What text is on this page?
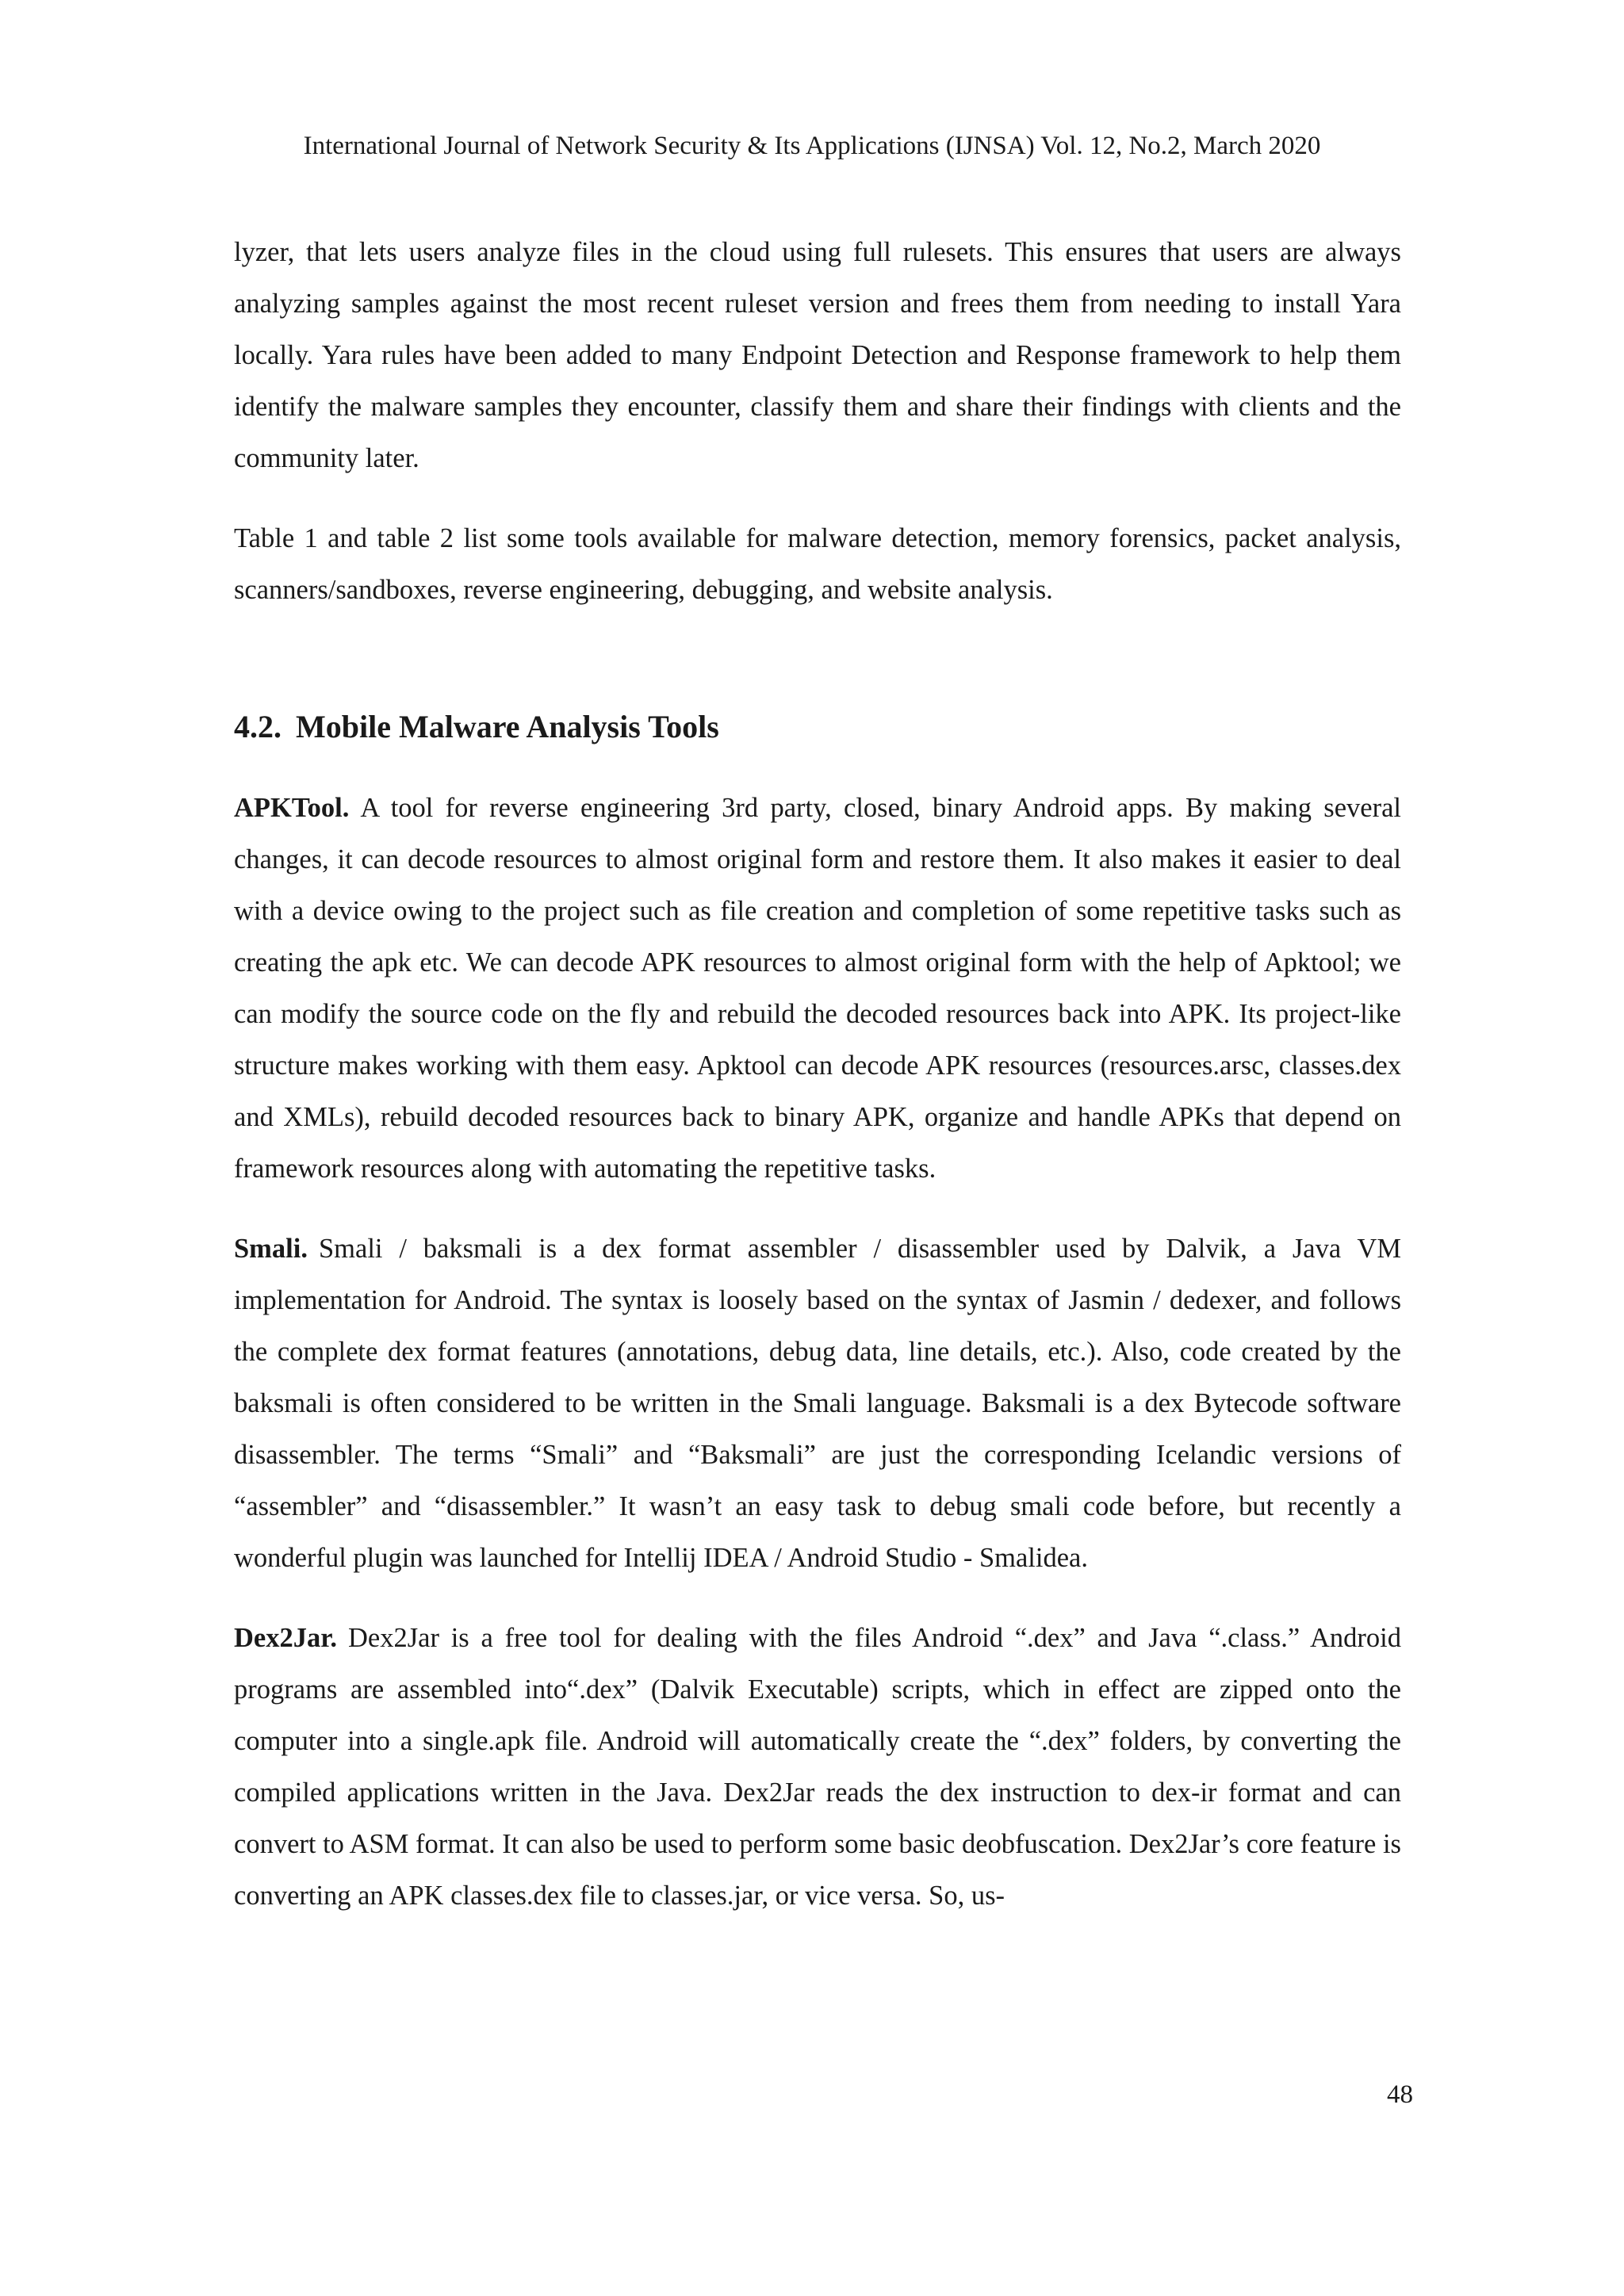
International Journal of Network Security & Its Applications (IJNSA) Vol. 12, No.2, March 2020

lyzer, that lets users analyze files in the cloud using full rulesets. This ensures that users are always analyzing samples against the most recent ruleset version and frees them from needing to install Yara locally. Yara rules have been added to many Endpoint Detection and Response framework to help them identify the malware samples they encounter, classify them and share their findings with clients and the community later.

Table 1 and table 2 list some tools available for malware detection, memory forensics, packet analysis, scanners/sandboxes, reverse engineering, debugging, and website analysis.

4.2. Mobile Malware Analysis Tools

APKTool. A tool for reverse engineering 3rd party, closed, binary Android apps. By making several changes, it can decode resources to almost original form and restore them. It also makes it easier to deal with a device owing to the project such as file creation and completion of some repetitive tasks such as creating the apk etc. We can decode APK resources to almost original form with the help of Apktool; we can modify the source code on the fly and rebuild the decoded resources back into APK. Its project-like structure makes working with them easy. Apktool can decode APK resources (resources.arsc, classes.dex and XMLs), rebuild decoded resources back to binary APK, organize and handle APKs that depend on framework resources along with automating the repetitive tasks.

Smali. Smali / baksmali is a dex format assembler / disassembler used by Dalvik, a Java VM implementation for Android. The syntax is loosely based on the syntax of Jasmin / dedexer, and follows the complete dex format features (annotations, debug data, line details, etc.). Also, code created by the baksmali is often considered to be written in the Smali language. Baksmali is a dex Bytecode software disassembler. The terms “Smali” and “Baksmali” are just the corresponding Icelandic versions of “assembler” and “disassembler.” It wasn’t an easy task to debug smali code before, but recently a wonderful plugin was launched for Intellij IDEA / Android Studio - Smalidea.

Dex2Jar. Dex2Jar is a free tool for dealing with the files Android “.dex” and Java “.class.” Android programs are assembled into“.dex” (Dalvik Executable) scripts, which in effect are zipped onto the computer into a single.apk file. Android will automatically create the “.dex” folders, by converting the compiled applications written in the Java. Dex2Jar reads the dex instruction to dex-ir format and can convert to ASM format. It can also be used to perform some basic deobfuscation. Dex2Jar’s core feature is converting an APK classes.dex file to classes.jar, or vice versa. So, us-

48
